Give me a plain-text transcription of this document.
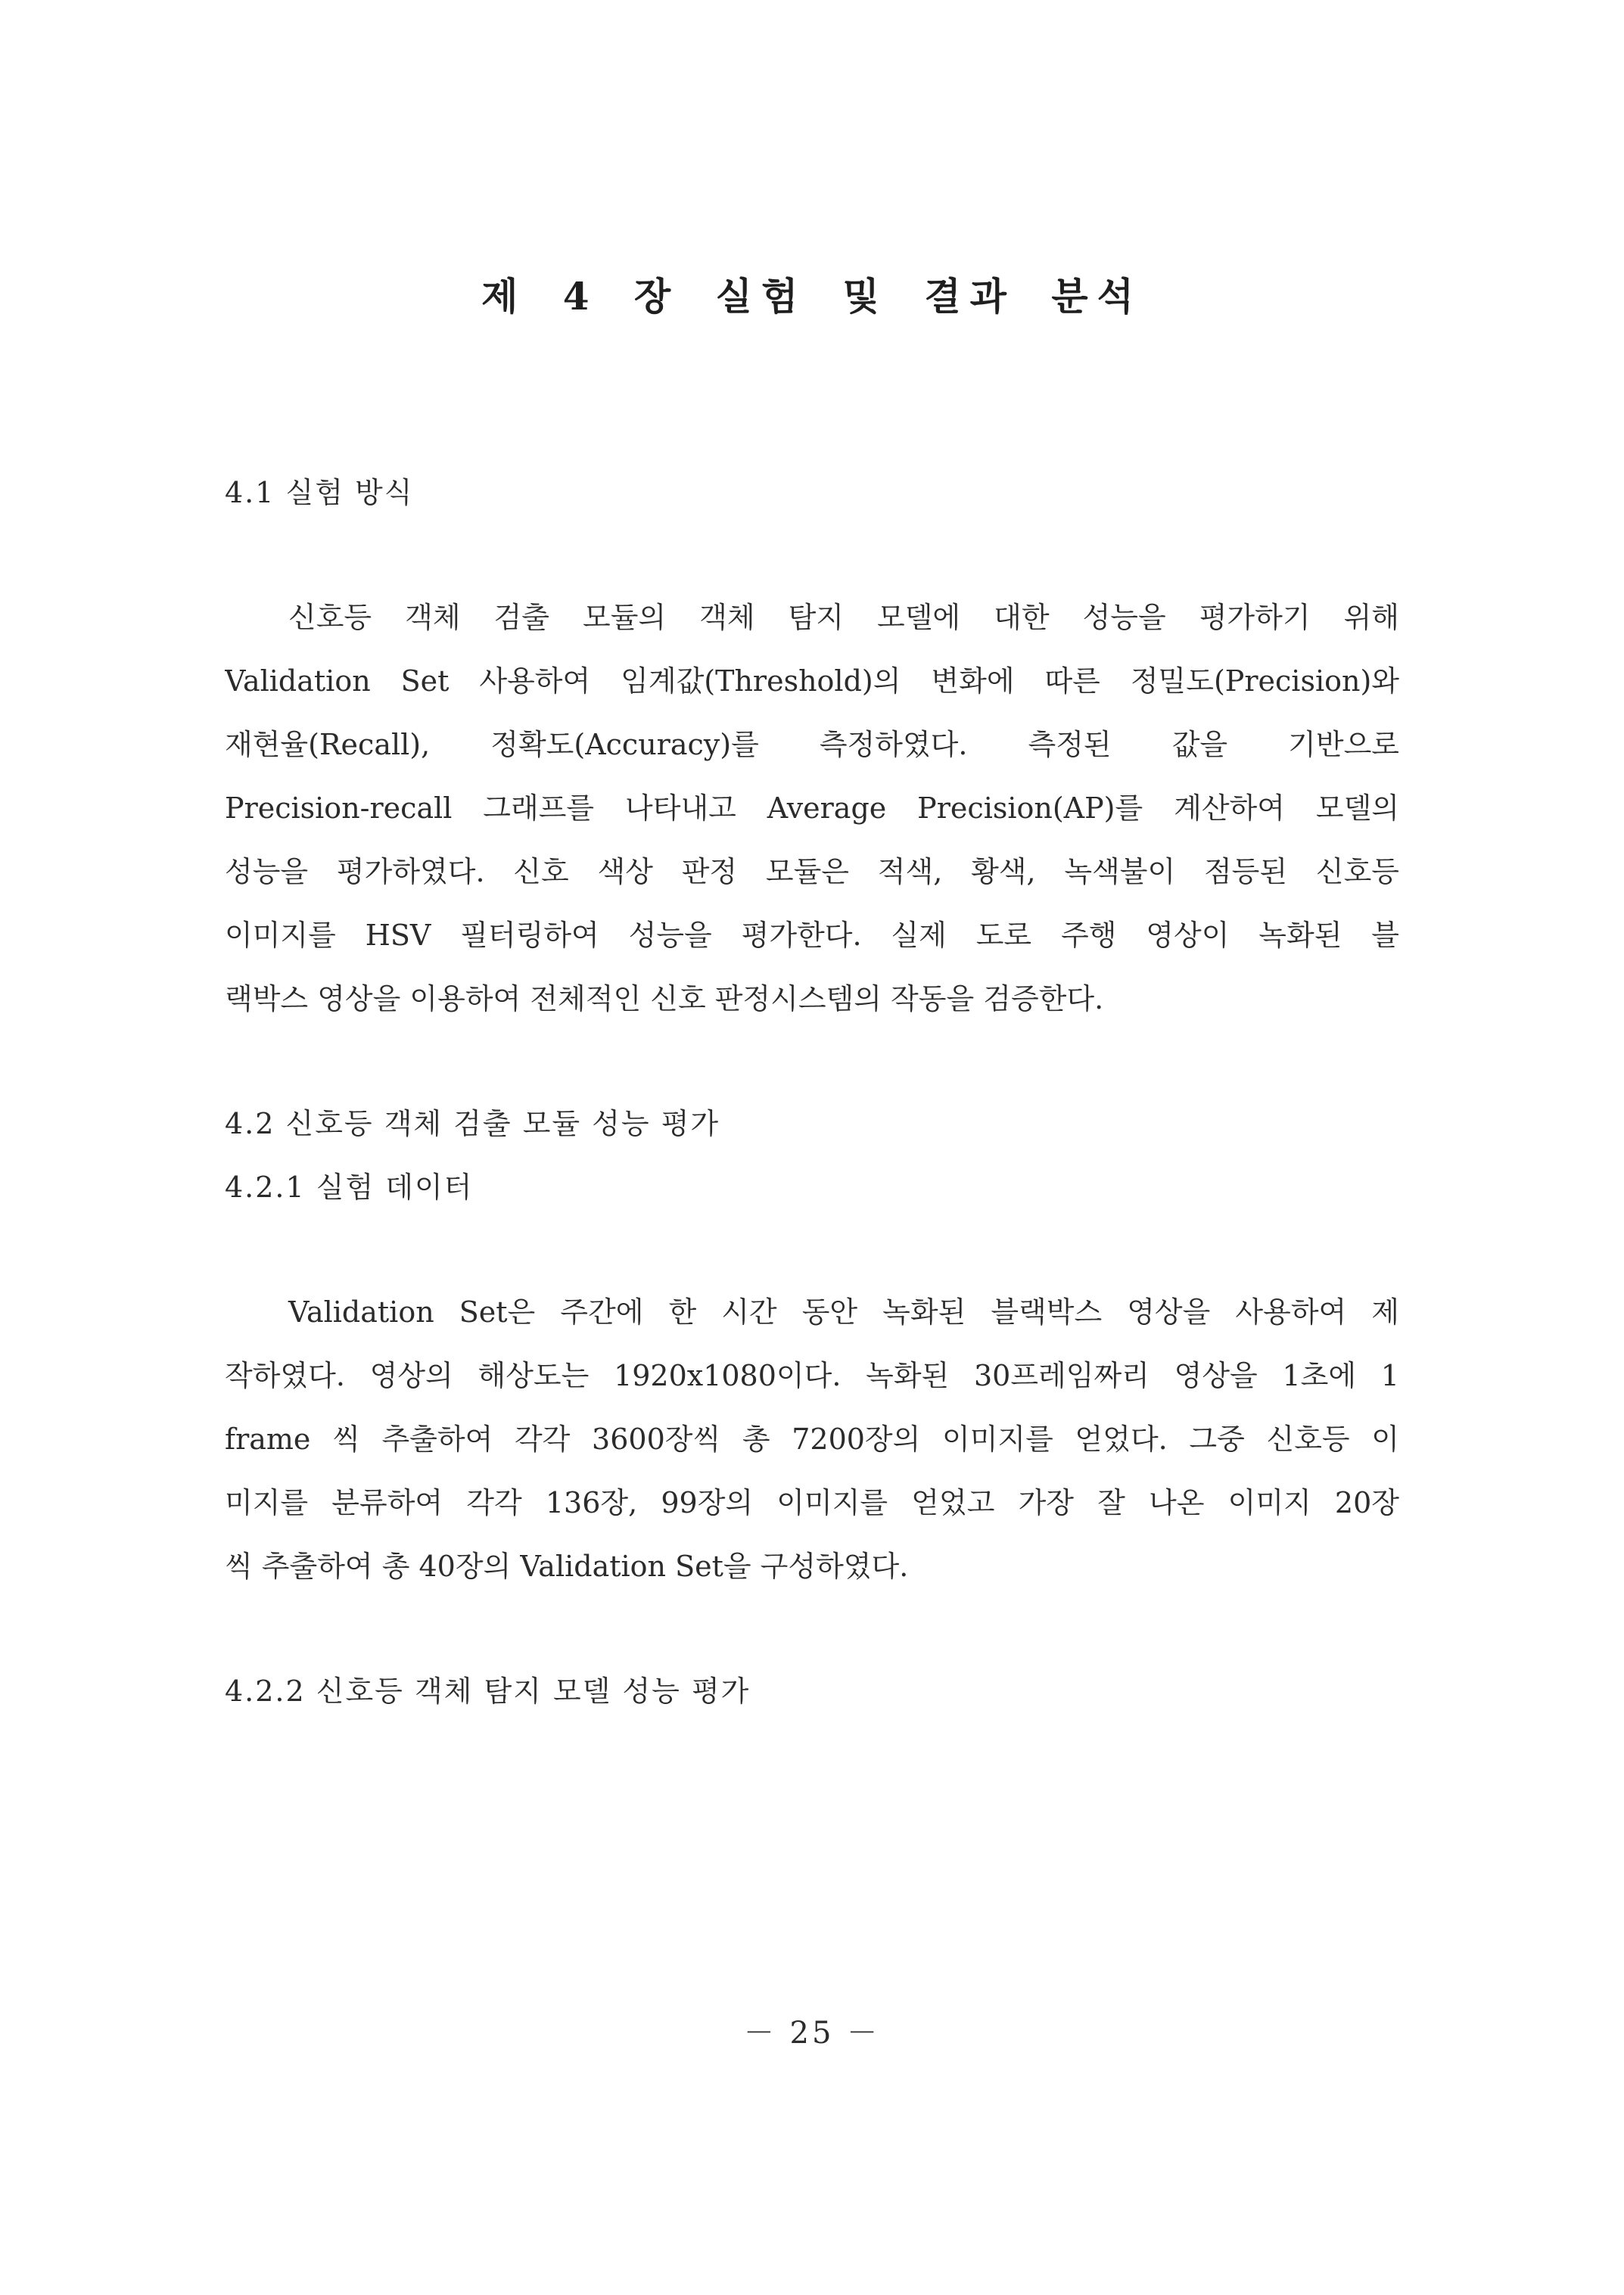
제 4 장 실험 및 결과 분석
4.1 실험 방식
신호등 객체 검출 모듈의 객체 탐지 모델에 대한 성능을 평가하기 위해
Validation Set 사용하여 임계값(Threshold)의 변화에 따른 정밀도(Precision)와
재현율(Recall), 정확도(Accuracy)를 측정하였다. 측정된 값을 기반으로
Precision-recall 그래프를 나타내고 Average Precision(AP)를 계산하여 모델의
성능을 평가하였다. 신호 색상 판정 모듈은 적색, 황색, 녹색불이 점등된 신호등
이미지를 HSV 필터링하여 성능을 평가한다. 실제 도로 주행 영상이 녹화된 블
랙박스 영상을 이용하여 전체적인 신호 판정시스템의 작동을 검증한다.
4.2 신호등 객체 검출 모듈 성능 평가
4.2.1 실험 데이터
Validation Set은 주간에 한 시간 동안 녹화된 블랙박스 영상을 사용하여 제
작하였다. 영상의 해상도는 1920x1080이다. 녹화된 30프레임짜리 영상을 1초에 1
frame 씩 추출하여 각각 3600장씩 총 7200장의 이미지를 얻었다. 그중 신호등 이
미지를 분류하여 각각 136장, 99장의 이미지를 얻었고 가장 잘 나온 이미지 20장
씩 추출하여 총 40장의 Validation Set을 구성하였다.
4.2.2 신호등 객체 탐지 모델 성능 평가
－ 25 －
